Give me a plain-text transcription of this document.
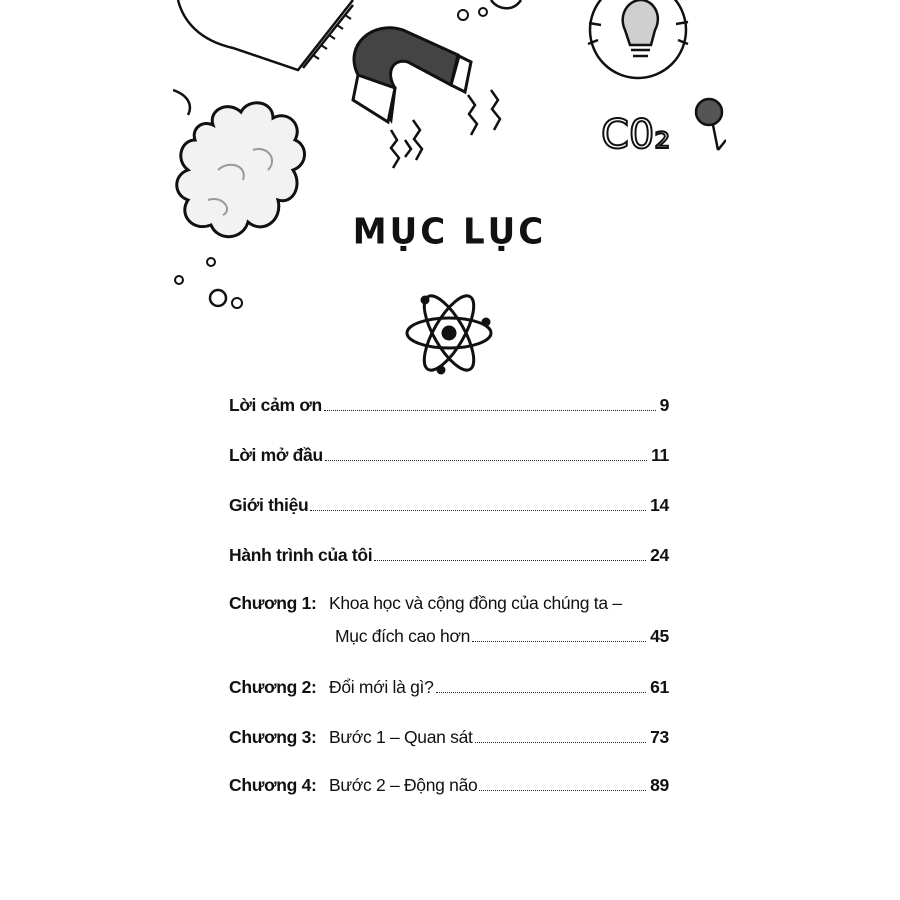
C0₂
MỤC LỤC
Lời cảm ơn	9
Lời mở đầu	11
Giới thiệu	14
Hành trình của tôi	24
Chương 1: Khoa học và cộng đồng của chúng ta –
Mục đích cao hơn	45
Chương 2: Đổi mới là gì?	61
Chương 3: Bước 1 – Quan sát	73
Chương 4: Bước 2 – Động não	89
